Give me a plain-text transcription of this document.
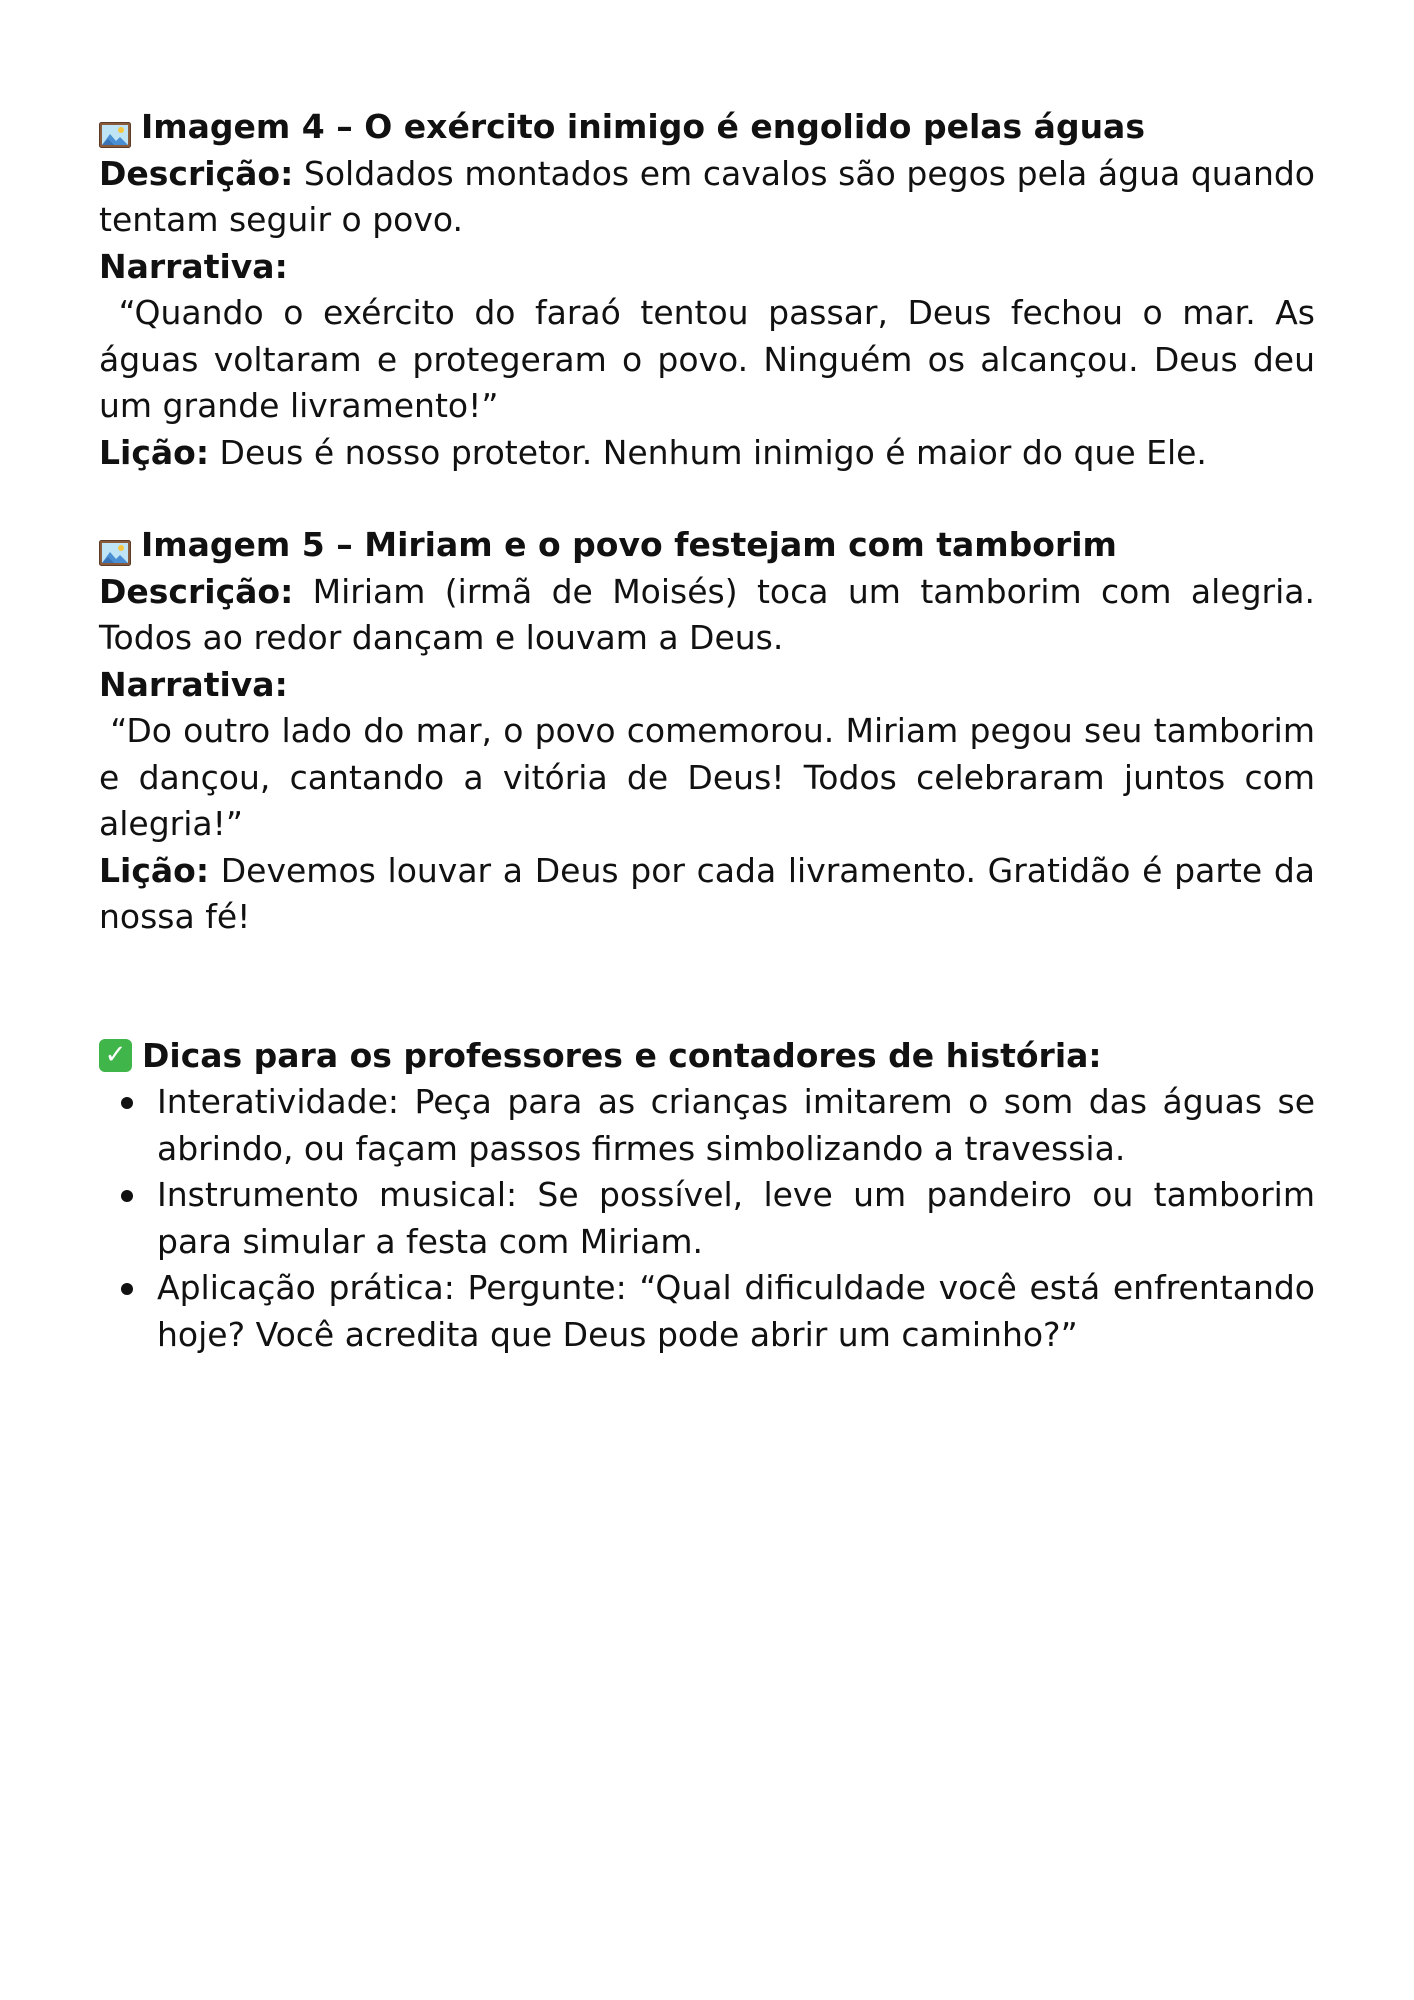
Imagem 4 – O exército inimigo é engolido pelas águas

Descrição: Soldados montados em cavalos são pegos pela água quando tentam seguir o povo.

Narrativa:

“Quando o exército do faraó tentou passar, Deus fechou o mar. As águas voltaram e protegeram o povo. Ninguém os alcançou. Deus deu um grande livramento!”

Lição: Deus é nosso protetor. Nenhum inimigo é maior do que Ele.

Imagem 5 – Miriam e o povo festejam com tamborim

Descrição: Miriam (irmã de Moisés) toca um tamborim com alegria. Todos ao redor dançam e louvam a Deus.

Narrativa:

“Do outro lado do mar, o povo comemorou. Miriam pegou seu tamborim e dançou, cantando a vitória de Deus! Todos celebraram juntos com alegria!”

Lição: Devemos louvar a Deus por cada livramento. Gratidão é parte da nossa fé!

✓ Dicas para os professores e contadores de história:
Interatividade: Peça para as crianças imitarem o som das águas se abrindo, ou façam passos firmes simbolizando a travessia.
Instrumento musical: Se possível, leve um pandeiro ou tamborim para simular a festa com Miriam.
Aplicação prática: Pergunte: “Qual dificuldade você está enfrentando hoje? Você acredita que Deus pode abrir um caminho?”
